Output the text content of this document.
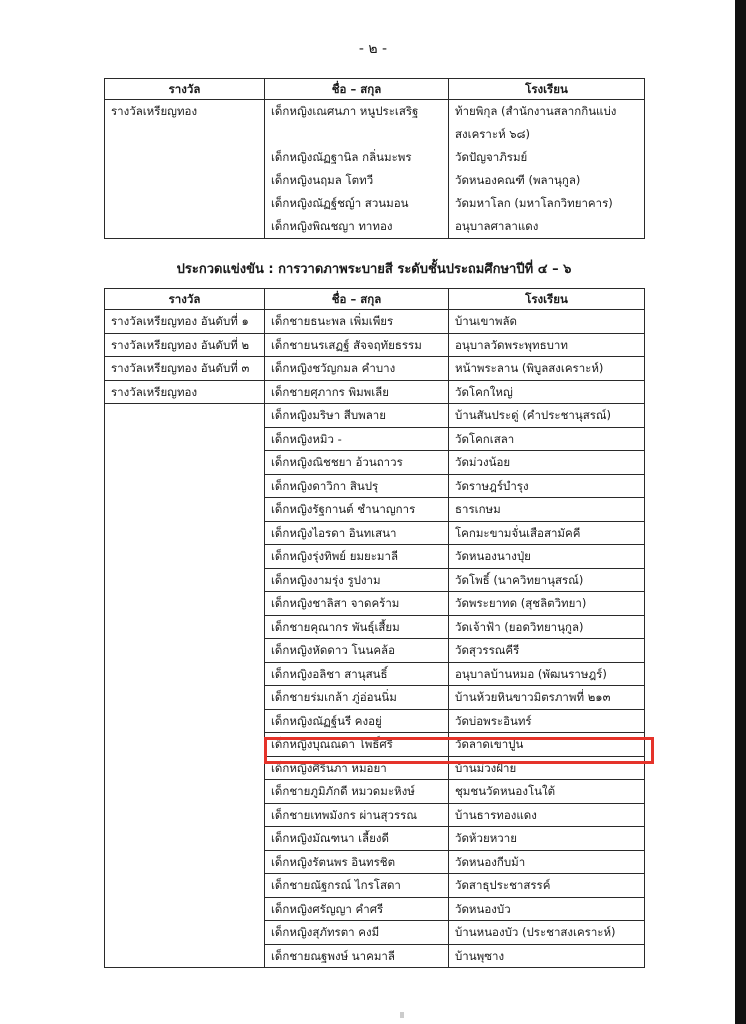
- ๒ -
รางวัล	ชื่อ – สกุล	โรงเรียน
รางวัลเหรียญทอง	เด็กหญิงเณศนภา หนูประเสริฐ	ท้ายพิกุล (สำนักงานสลากกินแบ่งสงเคราะห์ ๖๘)
	เด็กหญิงณัฏฐานิล กลิ่นมะพร	วัดปัญจาภิรมย์
	เด็กหญิงนฤมล โตทวี	วัดหนองคณฑี (พลานุกูล)
	เด็กหญิงณัฏฐ์ชญ์า สวนมอน	วัดมหาโลก (มหาโลกวิทยาคาร)
	เด็กหญิงพิณชญา ทาทอง	อนุบาลศาลาแดง
ประกวดแข่งขัน : การวาดภาพระบายสี ระดับชั้นประถมศึกษาปีที่ ๔ – ๖
รางวัล	ชื่อ – สกุล	โรงเรียน
รางวัลเหรียญทอง อันดับที่ ๑	เด็กชายธนะพล เพิ่มเพียร	บ้านเขาพลัด
รางวัลเหรียญทอง อันดับที่ ๒	เด็กชายนรเสฏฐ์ สัจจฤทัยธรรม	อนุบาลวัดพระพุทธบาท
รางวัลเหรียญทอง อันดับที่ ๓	เด็กหญิงชวัญกมล คำบาง	หน้าพระลาน (พิบูลสงเคราะห์)
รางวัลเหรียญทอง	เด็กชายศุภากร พิมพเลีย	วัดโคกใหญ่
	เด็กหญิงมริษา สีบพลาย	บ้านสันประดู่ (คำประชานุสรณ์)
	เด็กหญิงหมิว -	วัดโคกเสลา
	เด็กหญิงณิชชยา อ้วนถาวร	วัดม่วงน้อย
	เด็กหญิงดาวิกา สินปรุ	วัดราษฎร์บำรุง
	เด็กหญิงรัฐกานต์ ชำนาญการ	ธารเกษม
	เด็กหญิงไอรดา อินทเสนา	โคกมะขามจั่นเสือสามัคคี
	เด็กหญิงรุ่งทิพย์ ยมยะมาลี	วัดหนองนางปุ่ย
	เด็กหญิงงามรุ่ง รูปงาม	วัดโพธิ์ (นาควิทยานุสรณ์)
	เด็กหญิงชาลิสา จาดคร้าม	วัดพระยาทด (สุชลิตวิทยา)
	เด็กชายคุณากร พันธุ์เสี้ยม	วัดเจ้าฟ้า (ยอดวิทยานุกูล)
	เด็กหญิงหัดดาว โนนคล้อ	วัดสุวรรณคีรี
	เด็กหญิงอลิชา สานุสนธิ์	อนุบาลบ้านหมอ (พัฒนราษฎร์)
	เด็กชายร่มเกล้า ภู่อ่อนนิ่ม	บ้านห้วยหินขาวมิตรภาพที่ ๒๑๓
	เด็กหญิงณัฏฐ์นรี คงอยู่	วัดบ่อพระอินทร์
	เด็กหญิงบุณณดา โพธิ์ศรี	วัดลาดเขาปูน
	เด็กหญิงศิรินภา หมอยา	บ้านม่วงฝ้าย
	เด็กชายภูมิภักดี หมวดมะหิงษ์	ชุมชนวัดหนองโนใต้
	เด็กชายเทพมังกร ผ่านสุวรรณ	บ้านธารทองแดง
	เด็กหญิงมัณฑนา เลี้ยงดี	วัดห้วยหวาย
	เด็กหญิงรัตนพร อินทรชิต	วัดหนองกีบม้า
	เด็กชายณัฐกรณ์ ไกรโสดา	วัดสาธุประชาสรรค์
	เด็กหญิงศรัญญา คำศรี	วัดหนองบัว
	เด็กหญิงสุภัทรตา คงมี	บ้านหนองบัว (ประชาสงเคราะห์)
	เด็กชายณฐพงษ์ นาคมาลี	บ้านพุซาง
